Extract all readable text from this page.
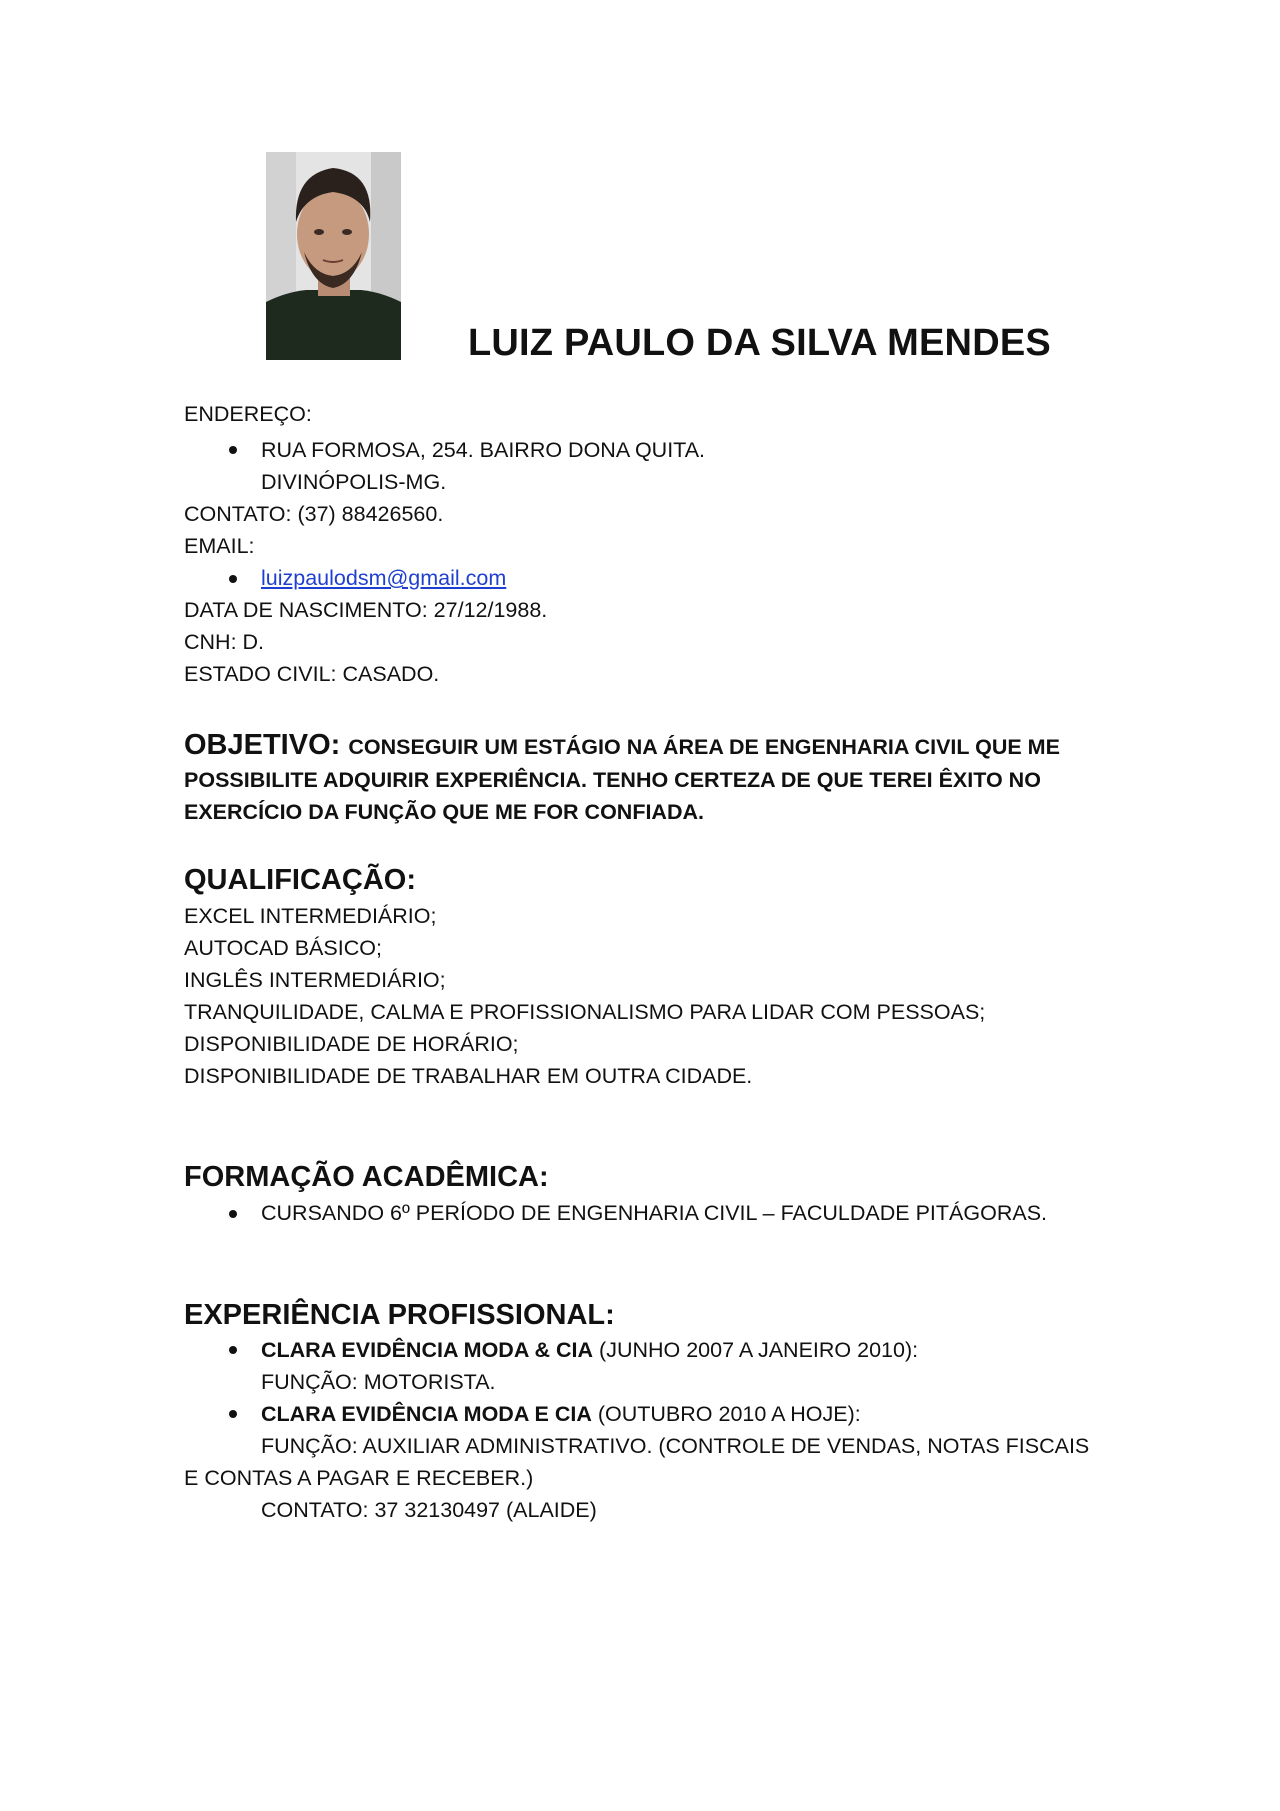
LUIZ PAULO DA SILVA MENDES
ENDEREÇO:
RUA FORMOSA, 254. BAIRRO DONA QUITA.
DIVINÓPOLIS-MG.
CONTATO: (37) 88426560.
EMAIL:
luizpaulodsm@gmail.com
DATA DE NASCIMENTO: 27/12/1988.
CNH: D.
ESTADO CIVIL: CASADO.
OBJETIVO: CONSEGUIR UM ESTÁGIO NA ÁREA DE ENGENHARIA CIVIL QUE ME
POSSIBILITE ADQUIRIR EXPERIÊNCIA. TENHO CERTEZA DE QUE TEREI ÊXITO NO
EXERCÍCIO DA FUNÇÃO QUE ME FOR CONFIADA.
QUALIFICAÇÃO:
EXCEL INTERMEDIÁRIO;
AUTOCAD BÁSICO;
INGLÊS INTERMEDIÁRIO;
TRANQUILIDADE, CALMA E PROFISSIONALISMO PARA LIDAR COM PESSOAS;
DISPONIBILIDADE DE HORÁRIO;
DISPONIBILIDADE DE TRABALHAR EM OUTRA CIDADE.
FORMAÇÃO ACADÊMICA:
CURSANDO 6º PERÍODO DE ENGENHARIA CIVIL – FACULDADE PITÁGORAS.
EXPERIÊNCIA PROFISSIONAL:
CLARA EVIDÊNCIA MODA & CIA (JUNHO 2007 A JANEIRO 2010):
FUNÇÃO: MOTORISTA.
CLARA EVIDÊNCIA MODA E CIA (OUTUBRO 2010 A HOJE):
FUNÇÃO: AUXILIAR ADMINISTRATIVO. (CONTROLE DE VENDAS, NOTAS FISCAIS
E CONTAS A PAGAR E RECEBER.)
CONTATO: 37 32130497 (ALAIDE)
